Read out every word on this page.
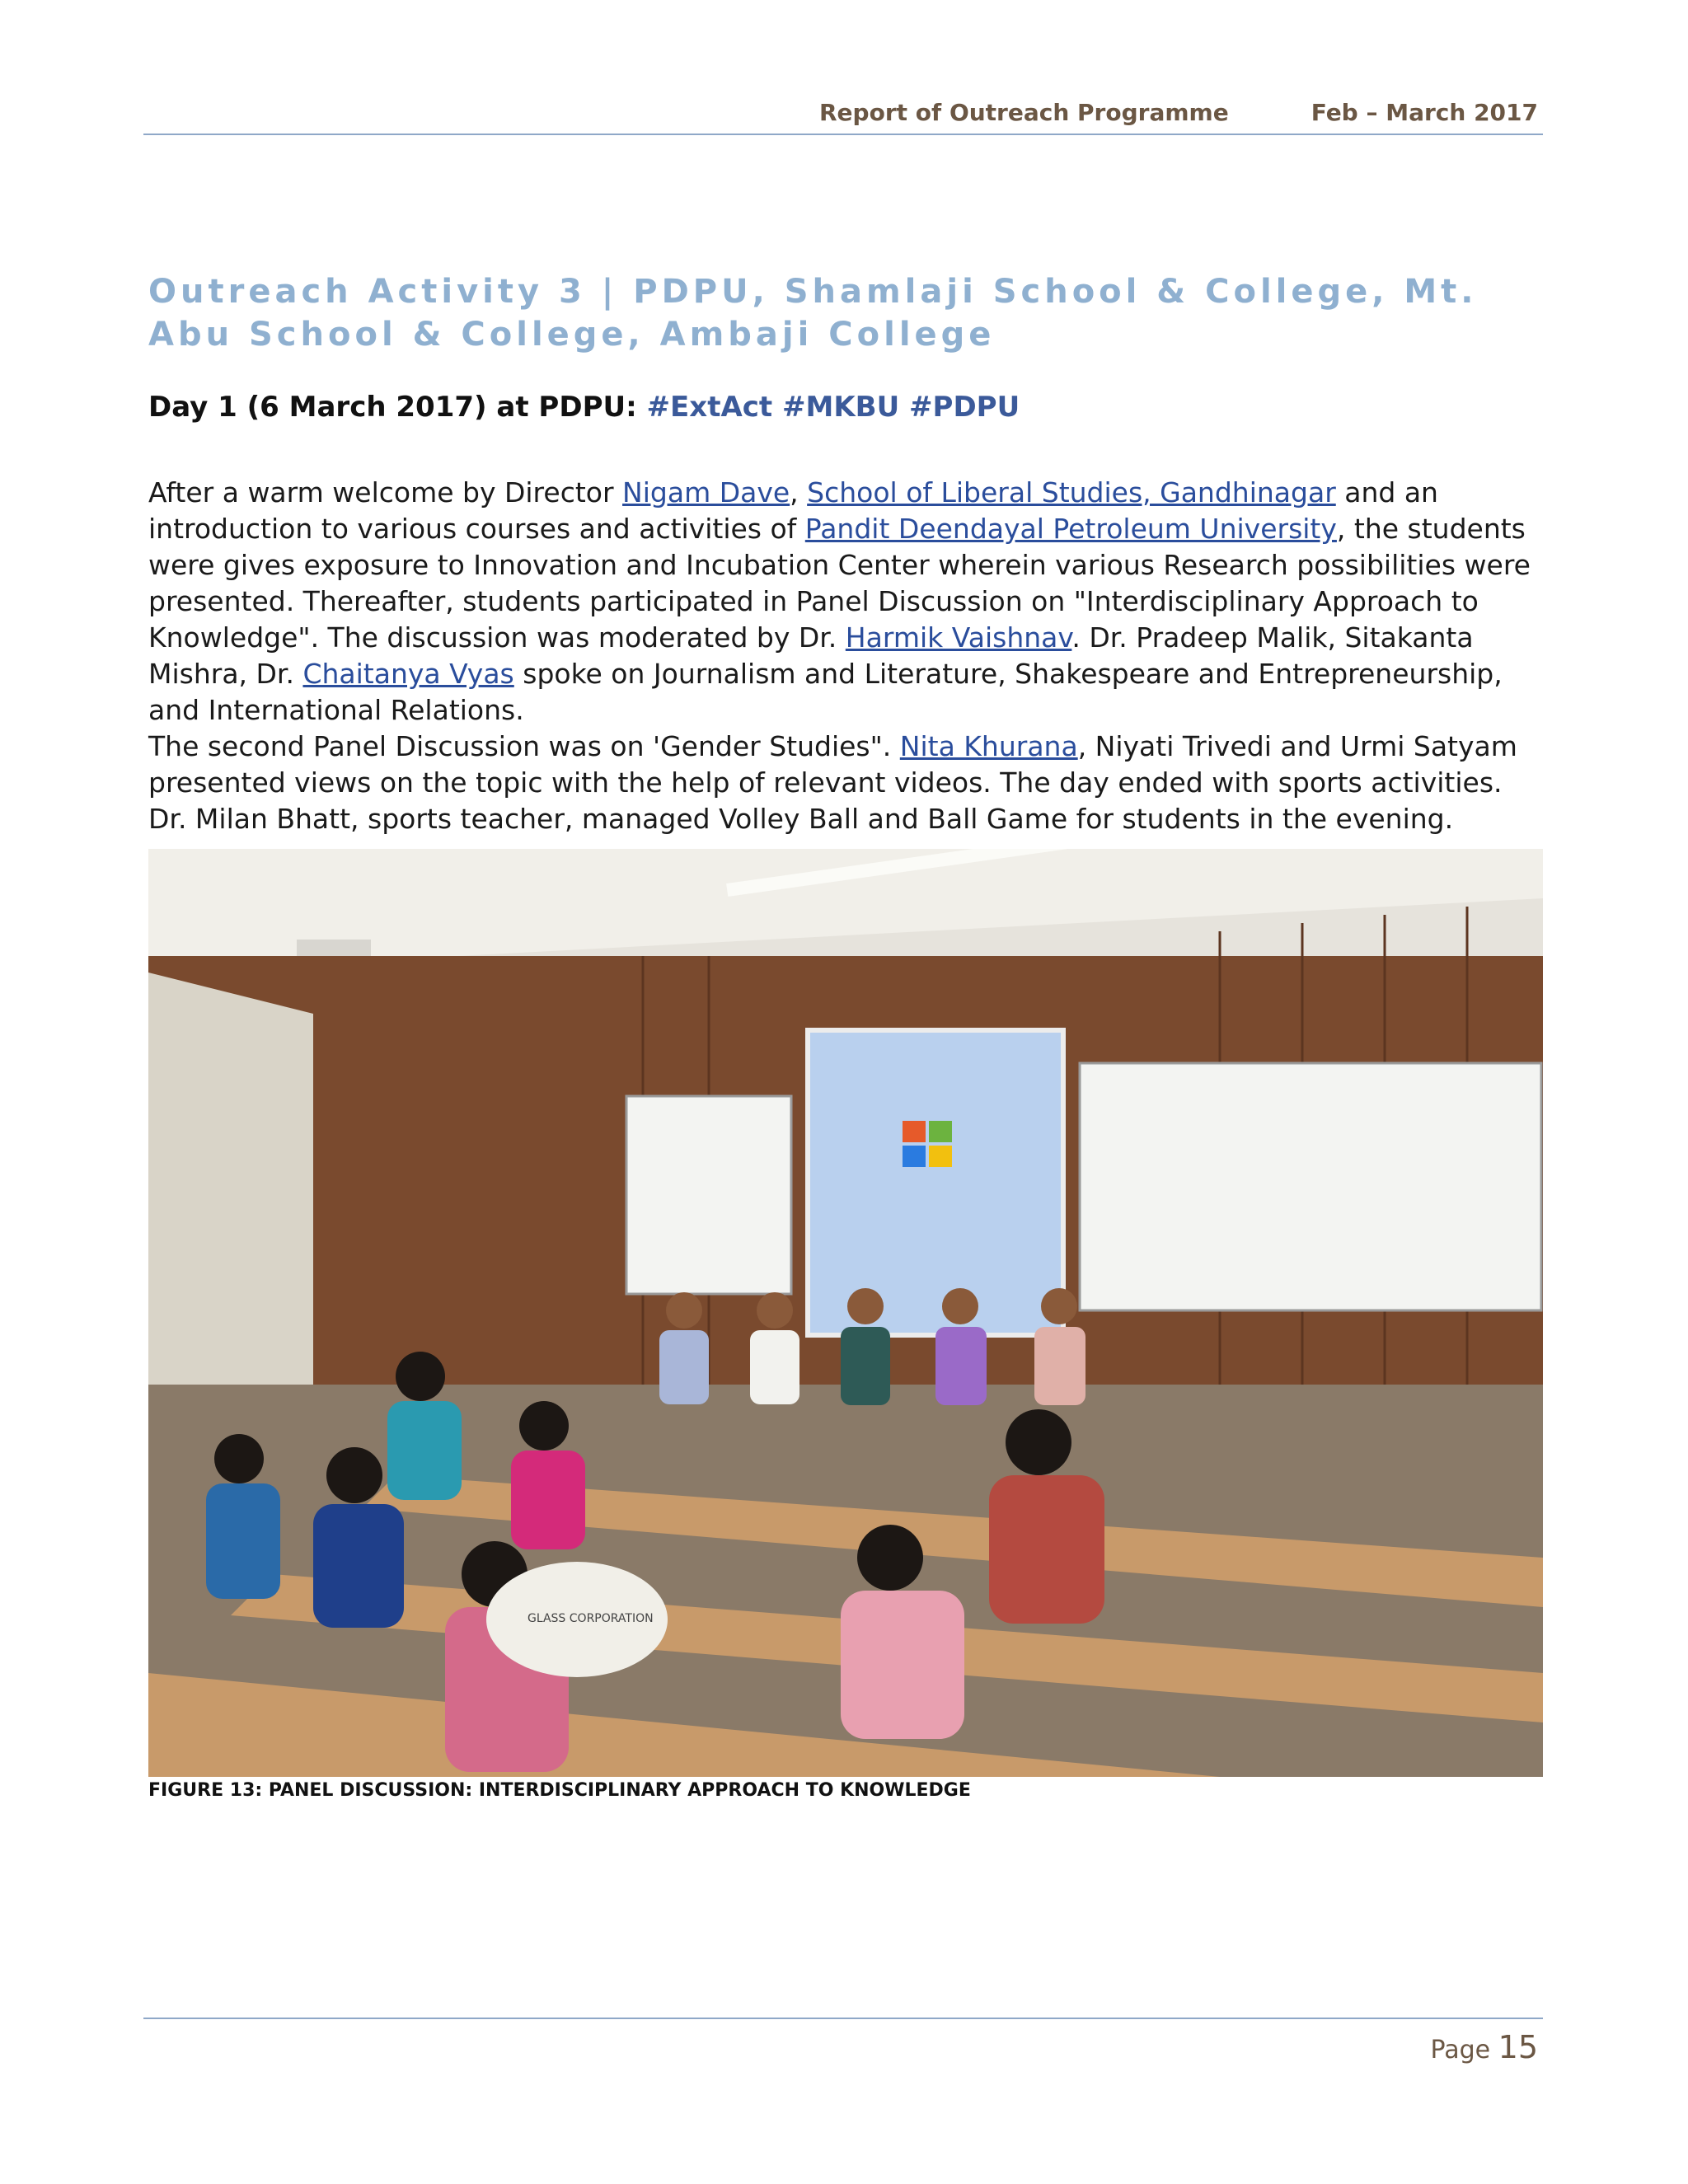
Report of Outreach Programme	Feb – March 2017
Outreach Activity 3 | PDPU, Shamlaji School & College, Mt. Abu School & College, Ambaji College
Day 1 (6 March 2017) at PDPU: #ExtAct #MKBU #PDPU

After a warm welcome by Director Nigam Dave, School of Liberal Studies, Gandhinagar and an introduction to various courses and activities of Pandit Deendayal Petroleum University, the students were gives exposure to Innovation and Incubation Center wherein various Research possibilities were presented. Thereafter, students participated in Panel Discussion on "Interdisciplinary Approach to Knowledge". The discussion was moderated by Dr. Harmik Vaishnav. Dr. Pradeep Malik, Sitakanta Mishra, Dr. Chaitanya Vyas spoke on Journalism and Literature, Shakespeare and Entrepreneurship, and International Relations.

The second Panel Discussion was on 'Gender Studies". Nita Khurana, Niyati Trivedi and Urmi Satyam presented views on the topic with the help of relevant videos. The day ended with sports activities. Dr. Milan Bhatt, sports teacher, managed Volley Ball and Ball Game for students in the evening.

GLASS CORPORATION
FIGURE 13: PANEL DISCUSSION: INTERDISCIPLINARY APPROACH TO KNOWLEDGE
Page 15
